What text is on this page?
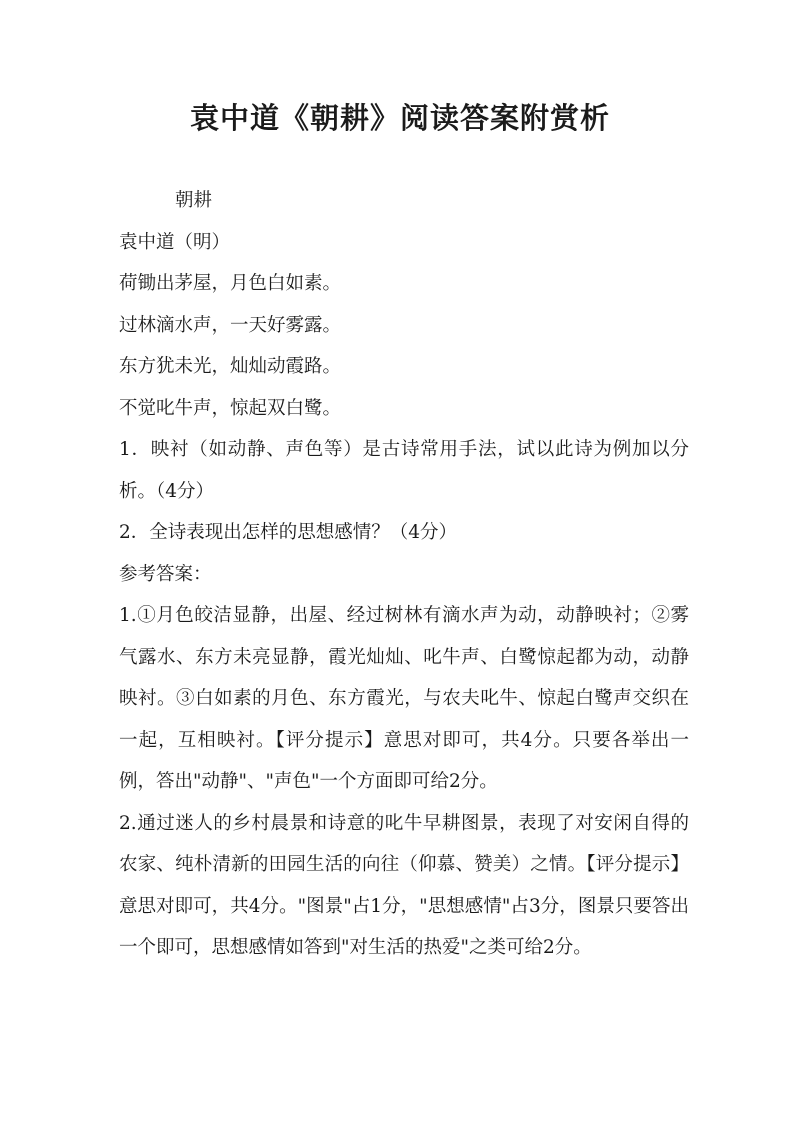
袁中道《朝耕》阅读答案附赏析

朝耕

袁中道（明）

荷锄出茅屋，月色白如素。

过林滴水声，一天好雾露。

东方犹未光，灿灿动霞路。

不觉叱牛声，惊起双白鹭。

1．映衬（如动静、声色等）是古诗常用手法，试以此诗为例加以分析。（4分）

2．全诗表现出怎样的思想感情？（4分）

参考答案：

1.①月色皎洁显静，出屋、经过树林有滴水声为动，动静映衬；②雾气露水、东方未亮显静，霞光灿灿、叱牛声、白鹭惊起都为动，动静映衬。③白如素的月色、东方霞光，与农夫叱牛、惊起白鹭声交织在一起，互相映衬。【评分提示】意思对即可，共4分。只要各举出一例，答出"动静"、"声色"一个方面即可给2分。

2.通过迷人的乡村晨景和诗意的叱牛早耕图景，表现了对安闲自得的农家、纯朴清新的田园生活的向往（仰慕、赞美）之情。【评分提示】意思对即可，共4分。"图景"占1分，"思想感情"占3分，图景只要答出一个即可，思想感情如答到"对生活的热爱"之类可给2分。
